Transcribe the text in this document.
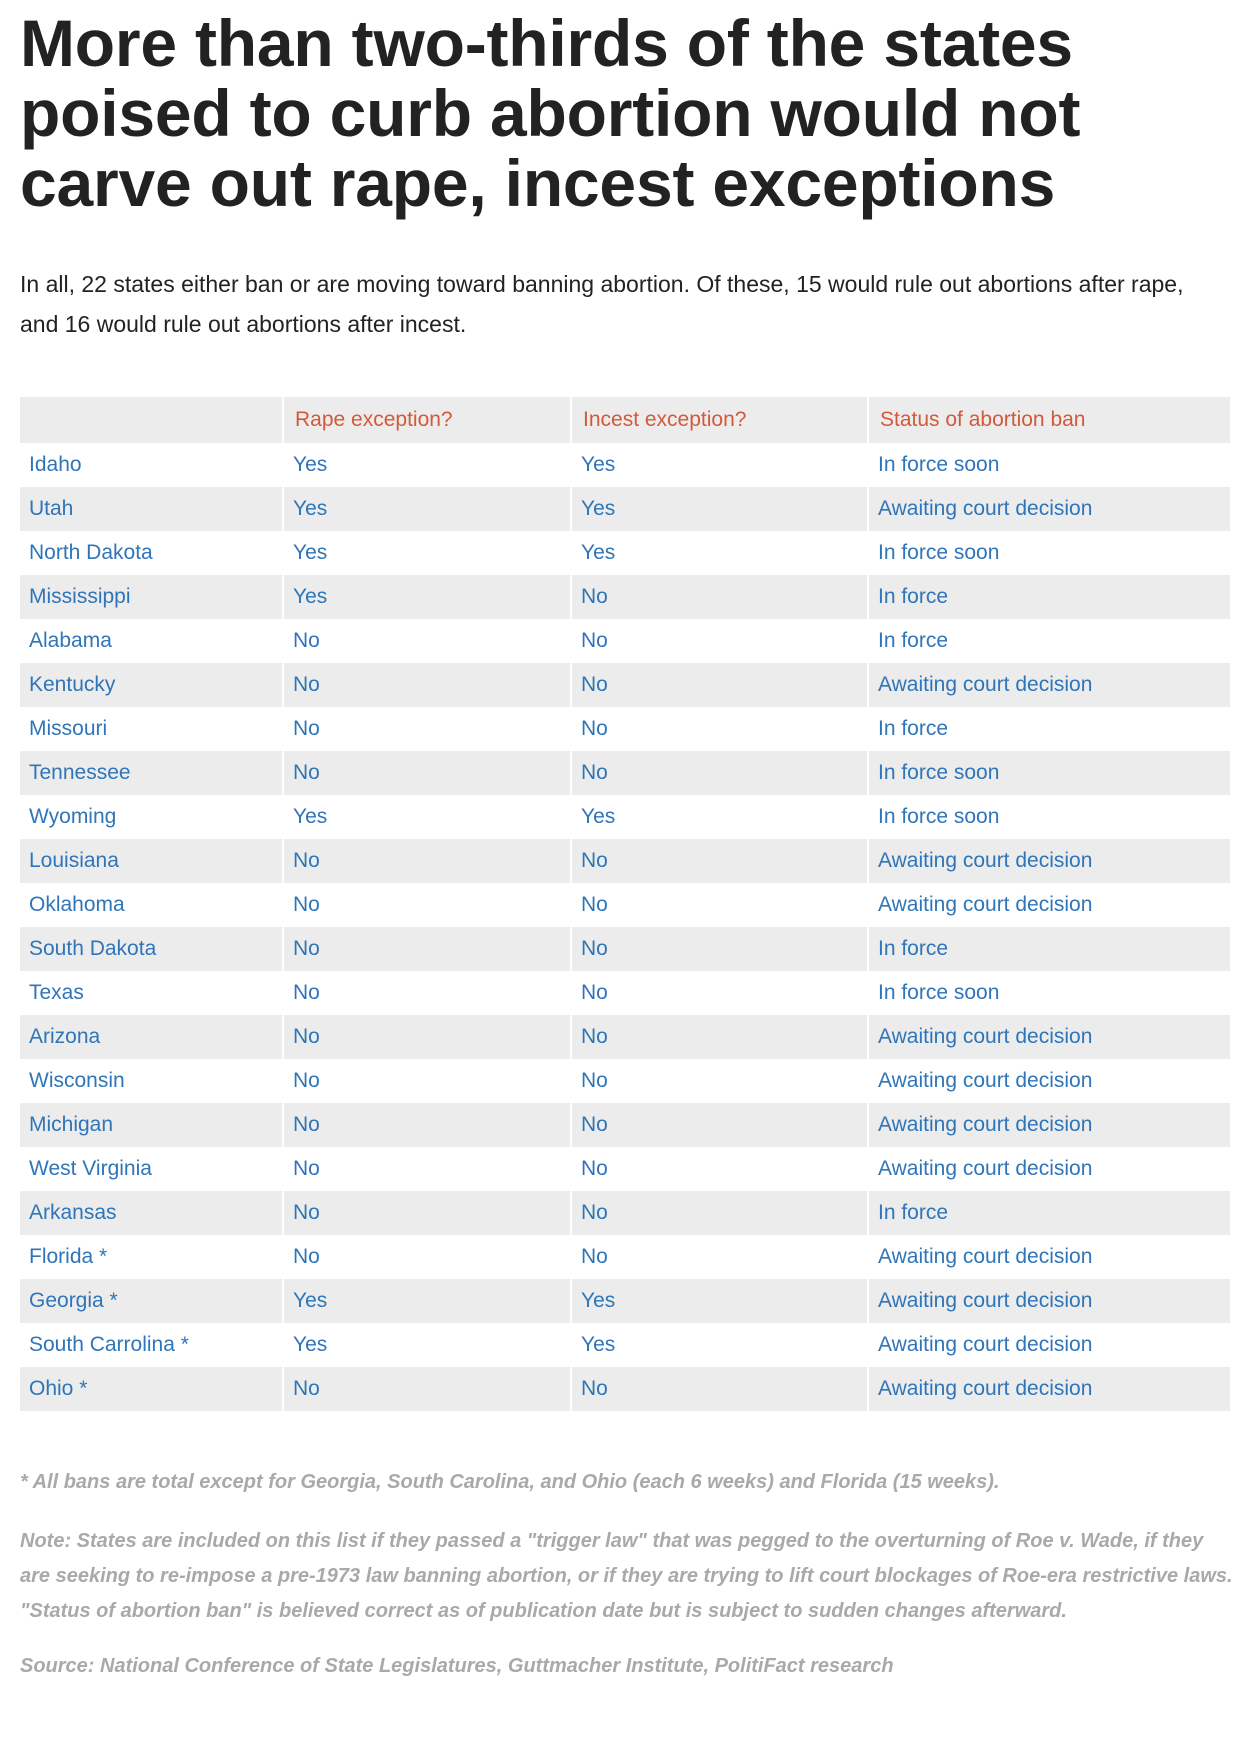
More than two-thirds of the states poised to curb abortion would not carve out rape, incest exceptions

In all, 22 states either ban or are moving toward banning abortion. Of these, 15 would rule out abortions after rape, and 16 would rule out abortions after incest.

	Rape exception?	Incest exception?	Status of abortion ban
Idaho	Yes	Yes	In force soon
Utah	Yes	Yes	Awaiting court decision
North Dakota	Yes	Yes	In force soon
Mississippi	Yes	No	In force
Alabama	No	No	In force
Kentucky	No	No	Awaiting court decision
Missouri	No	No	In force
Tennessee	No	No	In force soon
Wyoming	Yes	Yes	In force soon
Louisiana	No	No	Awaiting court decision
Oklahoma	No	No	Awaiting court decision
South Dakota	No	No	In force
Texas	No	No	In force soon
Arizona	No	No	Awaiting court decision
Wisconsin	No	No	Awaiting court decision
Michigan	No	No	Awaiting court decision
West Virginia	No	No	Awaiting court decision
Arkansas	No	No	In force
Florida *	No	No	Awaiting court decision
Georgia *	Yes	Yes	Awaiting court decision
South Carrolina *	Yes	Yes	Awaiting court decision
Ohio *	No	No	Awaiting court decision

* All bans are total except for Georgia, South Carolina, and Ohio (each 6 weeks) and Florida (15 weeks).

Note: States are included on this list if they passed a "trigger law" that was pegged to the overturning of Roe v. Wade, if they are seeking to re-impose a pre-1973 law banning abortion, or if they are trying to lift court blockages of Roe-era restrictive laws. "Status of abortion ban" is believed correct as of publication date but is subject to sudden changes afterward.

Source: National Conference of State Legislatures, Guttmacher Institute, PolitiFact research
